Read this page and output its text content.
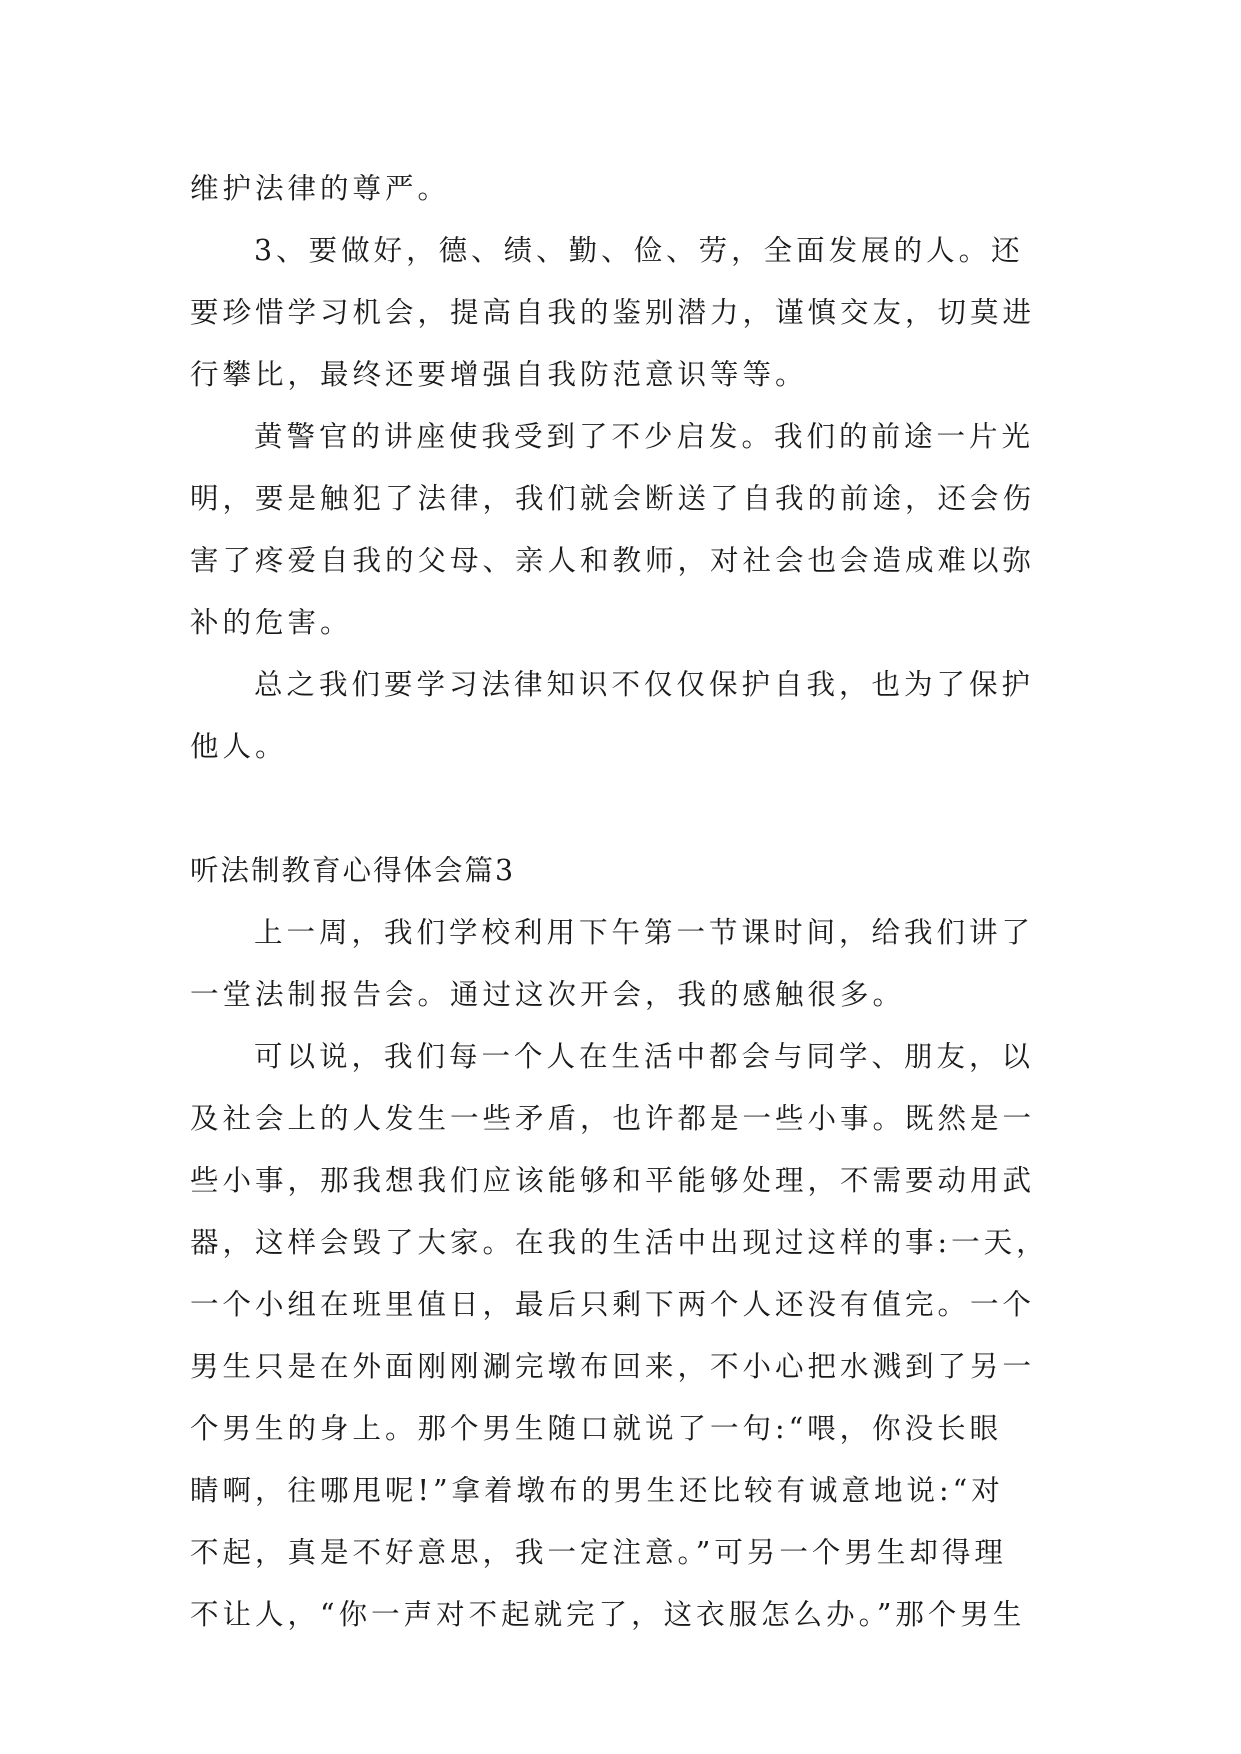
维护法律的尊严。
3、要做好，德、绩、勤、俭、劳，全面发展的人。还
要珍惜学习机会，提高自我的鉴别潜力，谨慎交友，切莫进
行攀比，最终还要增强自我防范意识等等。
黄警官的讲座使我受到了不少启发。我们的前途一片光
明，要是触犯了法律，我们就会断送了自我的前途，还会伤
害了疼爱自我的父母、亲人和教师，对社会也会造成难以弥
补的危害。
总之我们要学习法律知识不仅仅保护自我，也为了保护
他人。
听法制教育心得体会篇3
上一周，我们学校利用下午第一节课时间，给我们讲了
一堂法制报告会。通过这次开会，我的感触很多。
可以说，我们每一个人在生活中都会与同学、朋友，以
及社会上的人发生一些矛盾，也许都是一些小事。既然是一
些小事，那我想我们应该能够和平能够处理，不需要动用武
器，这样会毁了大家。在我的生活中出现过这样的事:一天，
一个小组在班里值日，最后只剩下两个人还没有值完。一个
男生只是在外面刚刚涮完墩布回来，不小心把水溅到了另一
个男生的身上。那个男生随口就说了一句:“喂，你没长眼
睛啊，往哪甩呢!”拿着墩布的男生还比较有诚意地说:“对
不起，真是不好意思，我一定注意。”可另一个男生却得理
不让人，“你一声对不起就完了，这衣服怎么办。”那个男生
